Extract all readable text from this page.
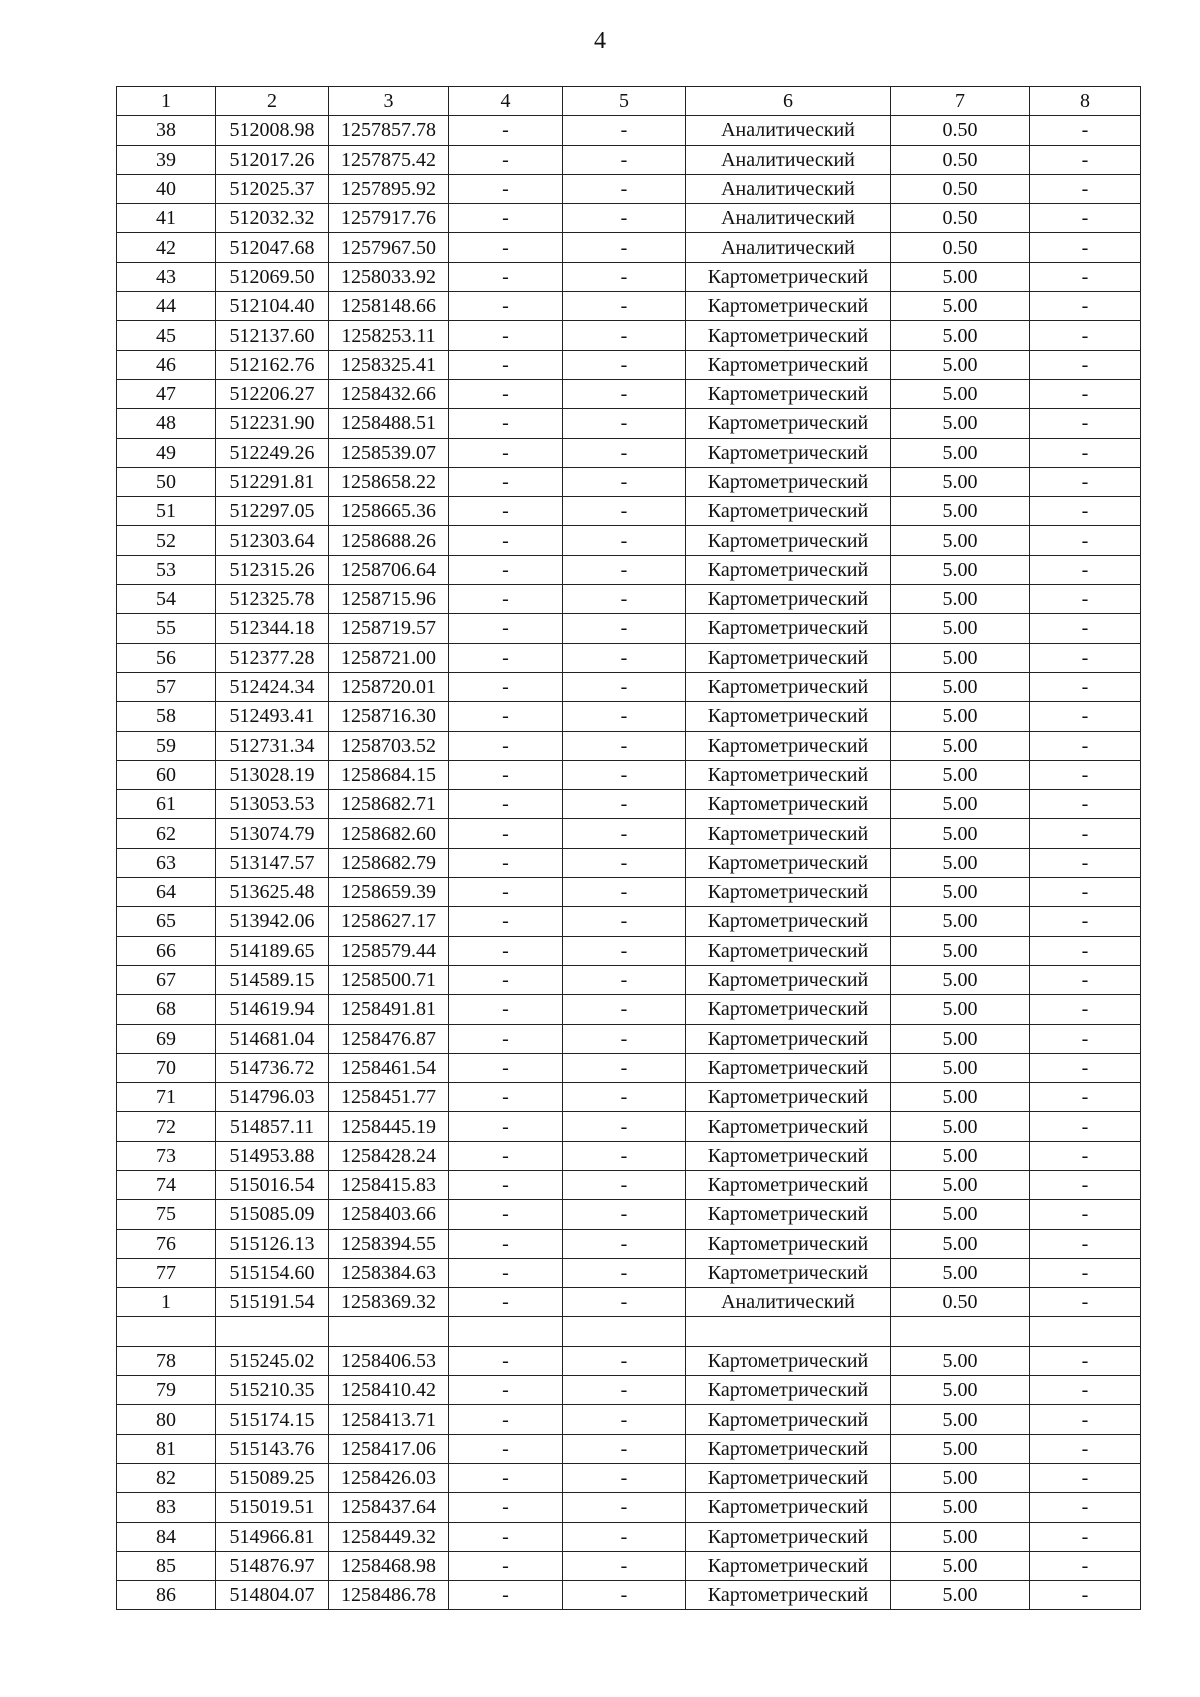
4
1	2	3	4	5	6	7	8
38	512008.98	1257857.78	-	-	Аналитический	0.50	-
39	512017.26	1257875.42	-	-	Аналитический	0.50	-
40	512025.37	1257895.92	-	-	Аналитический	0.50	-
41	512032.32	1257917.76	-	-	Аналитический	0.50	-
42	512047.68	1257967.50	-	-	Аналитический	0.50	-
43	512069.50	1258033.92	-	-	Картометрический	5.00	-
44	512104.40	1258148.66	-	-	Картометрический	5.00	-
45	512137.60	1258253.11	-	-	Картометрический	5.00	-
46	512162.76	1258325.41	-	-	Картометрический	5.00	-
47	512206.27	1258432.66	-	-	Картометрический	5.00	-
48	512231.90	1258488.51	-	-	Картометрический	5.00	-
49	512249.26	1258539.07	-	-	Картометрический	5.00	-
50	512291.81	1258658.22	-	-	Картометрический	5.00	-
51	512297.05	1258665.36	-	-	Картометрический	5.00	-
52	512303.64	1258688.26	-	-	Картометрический	5.00	-
53	512315.26	1258706.64	-	-	Картометрический	5.00	-
54	512325.78	1258715.96	-	-	Картометрический	5.00	-
55	512344.18	1258719.57	-	-	Картометрический	5.00	-
56	512377.28	1258721.00	-	-	Картометрический	5.00	-
57	512424.34	1258720.01	-	-	Картометрический	5.00	-
58	512493.41	1258716.30	-	-	Картометрический	5.00	-
59	512731.34	1258703.52	-	-	Картометрический	5.00	-
60	513028.19	1258684.15	-	-	Картометрический	5.00	-
61	513053.53	1258682.71	-	-	Картометрический	5.00	-
62	513074.79	1258682.60	-	-	Картометрический	5.00	-
63	513147.57	1258682.79	-	-	Картометрический	5.00	-
64	513625.48	1258659.39	-	-	Картометрический	5.00	-
65	513942.06	1258627.17	-	-	Картометрический	5.00	-
66	514189.65	1258579.44	-	-	Картометрический	5.00	-
67	514589.15	1258500.71	-	-	Картометрический	5.00	-
68	514619.94	1258491.81	-	-	Картометрический	5.00	-
69	514681.04	1258476.87	-	-	Картометрический	5.00	-
70	514736.72	1258461.54	-	-	Картометрический	5.00	-
71	514796.03	1258451.77	-	-	Картометрический	5.00	-
72	514857.11	1258445.19	-	-	Картометрический	5.00	-
73	514953.88	1258428.24	-	-	Картометрический	5.00	-
74	515016.54	1258415.83	-	-	Картометрический	5.00	-
75	515085.09	1258403.66	-	-	Картометрический	5.00	-
76	515126.13	1258394.55	-	-	Картометрический	5.00	-
77	515154.60	1258384.63	-	-	Картометрический	5.00	-
1	515191.54	1258369.32	-	-	Аналитический	0.50	-

78	515245.02	1258406.53	-	-	Картометрический	5.00	-
79	515210.35	1258410.42	-	-	Картометрический	5.00	-
80	515174.15	1258413.71	-	-	Картометрический	5.00	-
81	515143.76	1258417.06	-	-	Картометрический	5.00	-
82	515089.25	1258426.03	-	-	Картометрический	5.00	-
83	515019.51	1258437.64	-	-	Картометрический	5.00	-
84	514966.81	1258449.32	-	-	Картометрический	5.00	-
85	514876.97	1258468.98	-	-	Картометрический	5.00	-
86	514804.07	1258486.78	-	-	Картометрический	5.00	-
